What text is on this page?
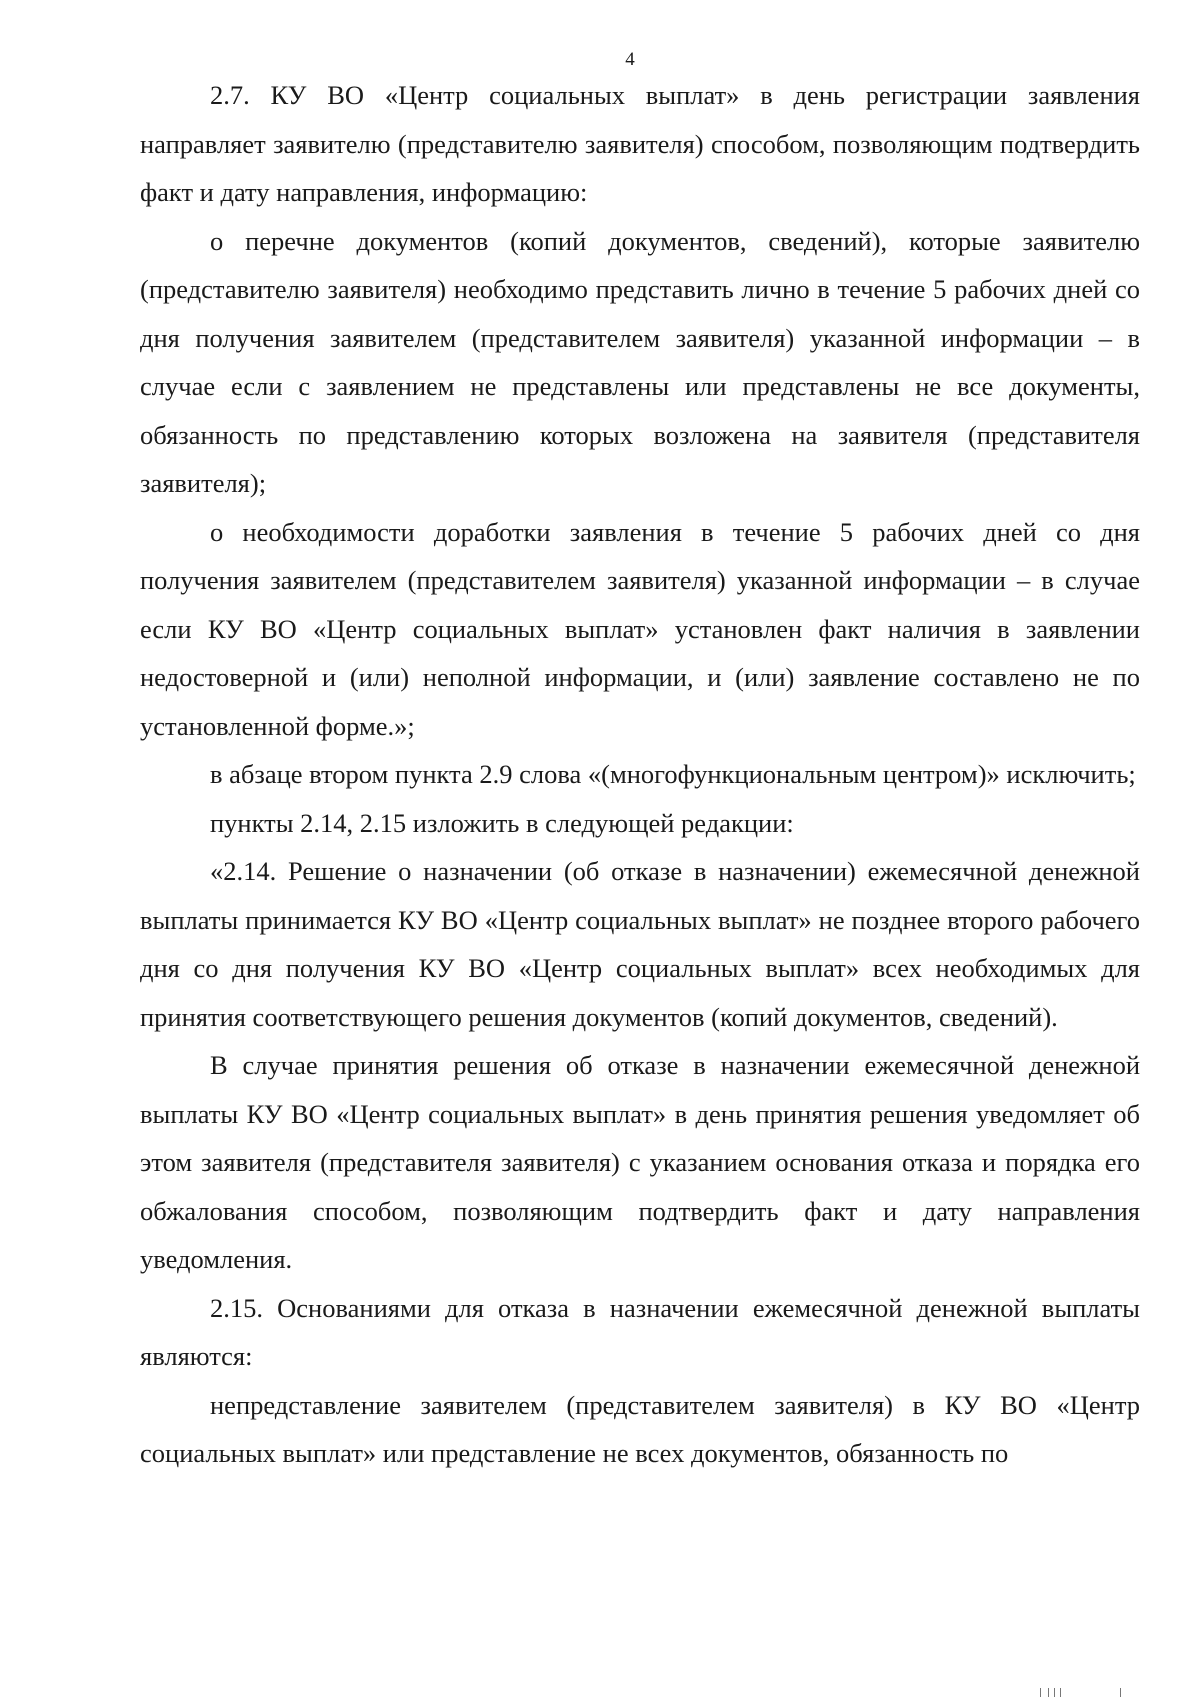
4

2.7. КУ ВО «Центр социальных выплат» в день регистрации заявления направляет заявителю (представителю заявителя) способом, позволяющим подтвердить факт и дату направления, информацию:

о перечне документов (копий документов, сведений), которые заявителю (представителю заявителя) необходимо представить лично в течение 5 рабочих дней со дня получения заявителем (представителем заявителя) указанной информации – в случае если с заявлением не представлены или представлены не все документы, обязанность по представлению которых возложена на заявителя (представителя заявителя);

о необходимости доработки заявления в течение 5 рабочих дней со дня получения заявителем (представителем заявителя) указанной информации – в случае если КУ ВО «Центр социальных выплат» установлен факт наличия в заявлении недостоверной и (или) неполной информации, и (или) заявление составлено не по установленной форме.»;

в абзаце втором пункта 2.9 слова «(многофункциональным центром)» исключить;

пункты 2.14, 2.15 изложить в следующей редакции:

«2.14. Решение о назначении (об отказе в назначении) ежемесячной денежной выплаты принимается КУ ВО «Центр социальных выплат» не позднее второго рабочего дня со дня получения КУ ВО «Центр социальных выплат» всех необходимых для принятия соответствующего решения документов (копий документов, сведений).

В случае принятия решения об отказе в назначении ежемесячной денежной выплаты КУ ВО «Центр социальных выплат» в день принятия решения уведомляет об этом заявителя (представителя заявителя) с указанием основания отказа и порядка его обжалования способом, позволяющим подтвердить факт и дату направления уведомления.

2.15. Основаниями для отказа в назначении ежемесячной денежной выплаты являются:

непредставление заявителем (представителем заявителя) в КУ ВО «Центр социальных выплат» или представление не всех документов, обязанность по
